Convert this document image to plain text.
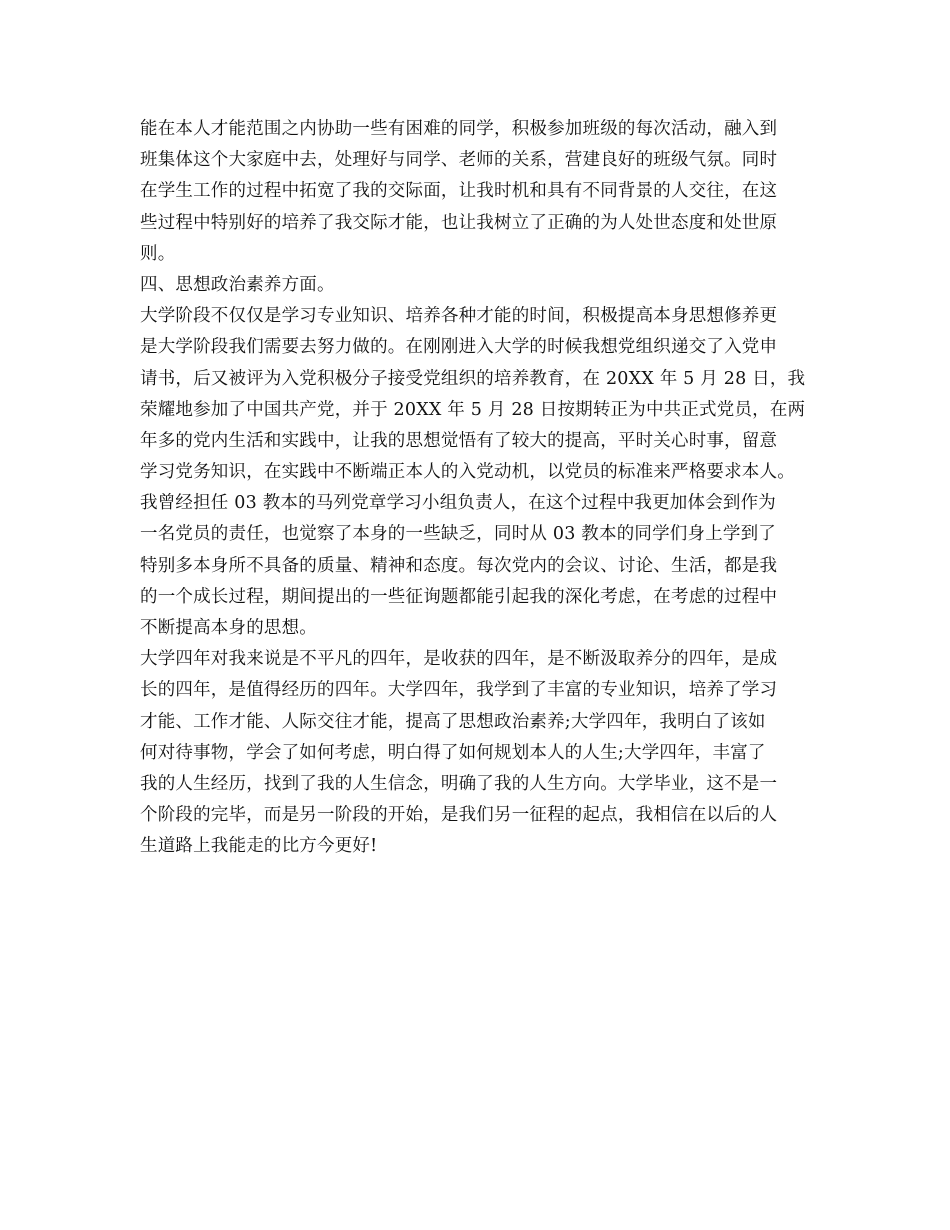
能在本人才能范围之内协助一些有困难的同学，积极参加班级的每次活动，融入到
班集体这个大家庭中去，处理好与同学、老师的关系，营建良好的班级气氛。同时
在学生工作的过程中拓宽了我的交际面，让我时机和具有不同背景的人交往，在这
些过程中特别好的培养了我交际才能，也让我树立了正确的为人处世态度和处世原
则。
四、思想政治素养方面。
大学阶段不仅仅是学习专业知识、培养各种才能的时间，积极提高本身思想修养更
是大学阶段我们需要去努力做的。在刚刚进入大学的时候我想党组织递交了入党申
请书，后又被评为入党积极分子接受党组织的培养教育，在 20XX 年 5 月 28 日，我
荣耀地参加了中国共产党，并于 20XX 年 5 月 28 日按期转正为中共正式党员，在两
年多的党内生活和实践中，让我的思想觉悟有了较大的提高，平时关心时事，留意
学习党务知识，在实践中不断端正本人的入党动机，以党员的标准来严格要求本人。
我曾经担任 03 教本的马列党章学习小组负责人，在这个过程中我更加体会到作为
一名党员的责任，也觉察了本身的一些缺乏，同时从 03 教本的同学们身上学到了
特别多本身所不具备的质量、精神和态度。每次党内的会议、讨论、生活，都是我
的一个成长过程，期间提出的一些征询题都能引起我的深化考虑，在考虑的过程中
不断提高本身的思想。
大学四年对我来说是不平凡的四年，是收获的四年，是不断汲取养分的四年，是成
长的四年，是值得经历的四年。大学四年，我学到了丰富的专业知识，培养了学习
才能、工作才能、人际交往才能，提高了思想政治素养;大学四年，我明白了该如
何对待事物，学会了如何考虑，明白得了如何规划本人的人生;大学四年，丰富了
我的人生经历，找到了我的人生信念，明确了我的人生方向。大学毕业，这不是一
个阶段的完毕，而是另一阶段的开始，是我们另一征程的起点，我相信在以后的人
生道路上我能走的比方今更好!
